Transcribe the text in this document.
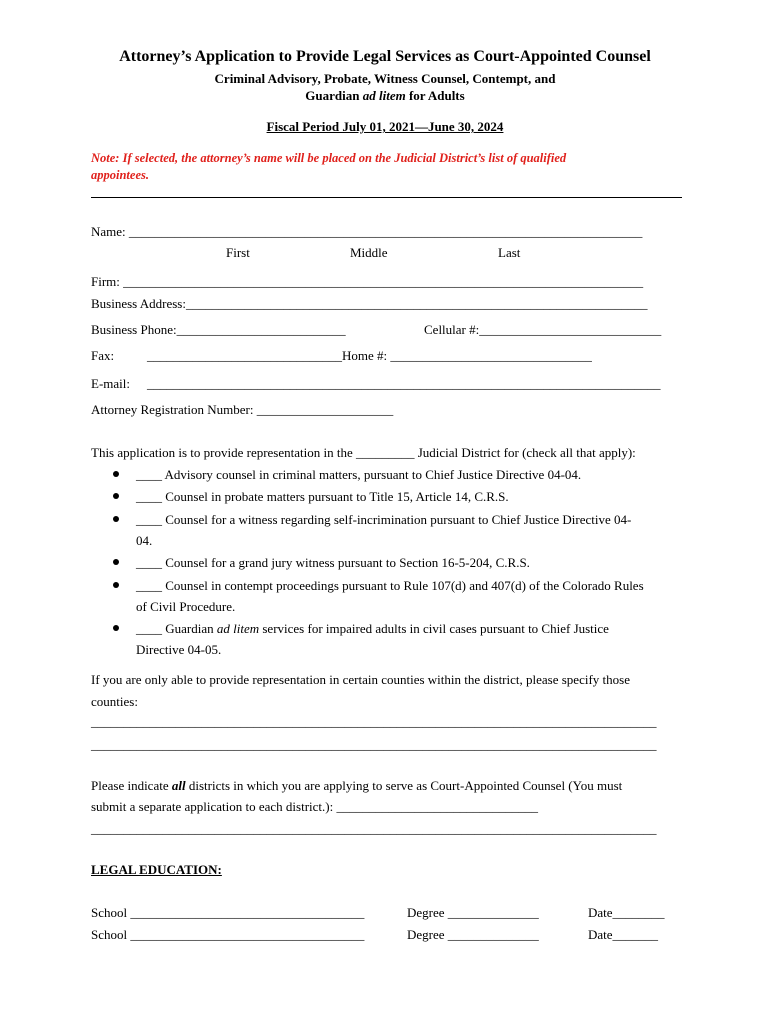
Attorney’s Application to Provide Legal Services as Court-Appointed Counsel
Criminal Advisory, Probate, Witness Counsel, Contempt, and
Guardian ad litem for Adults
Fiscal Period July 01, 2021—June 30, 2024
Note: If selected, the attorney’s name will be placed on the Judicial District’s list of qualified
appointees.
Name: _______________________________________________________________________________
First	Middle	Last
Firm: ________________________________________________________________________________
Business Address:_______________________________________________________________________
Business Phone:__________________________	Cellular #:____________________________
Fax:	______________________________Home #: _______________________________
E-mail: _______________________________________________________________________________
Attorney Registration Number: _____________________
This application is to provide representation in the _________ Judicial District for (check all that apply):
____ Advisory counsel in criminal matters, pursuant to Chief Justice Directive 04-04.
____ Counsel in probate matters pursuant to Title 15, Article 14, C.R.S.
____ Counsel for a witness regarding self-incrimination pursuant to Chief Justice Directive 04-
04.
____ Counsel for a grand jury witness pursuant to Section 16-5-204, C.R.S.
____ Counsel in contempt proceedings pursuant to Rule 107(d) and 407(d) of the Colorado Rules
of Civil Procedure.
____ Guardian ad litem services for impaired adults in civil cases pursuant to Chief Justice
Directive 04-05.
If you are only able to provide representation in certain counties within the district, please specify those
counties:
_______________________________________________________________________________________
_______________________________________________________________________________________
Please indicate all districts in which you are applying to serve as Court-Appointed Counsel (You must
submit a separate application to each district.): _______________________________
_______________________________________________________________________________________
LEGAL EDUCATION:
School ____________________________________	Degree ______________	Date________
School ____________________________________	Degree ______________	Date_______
